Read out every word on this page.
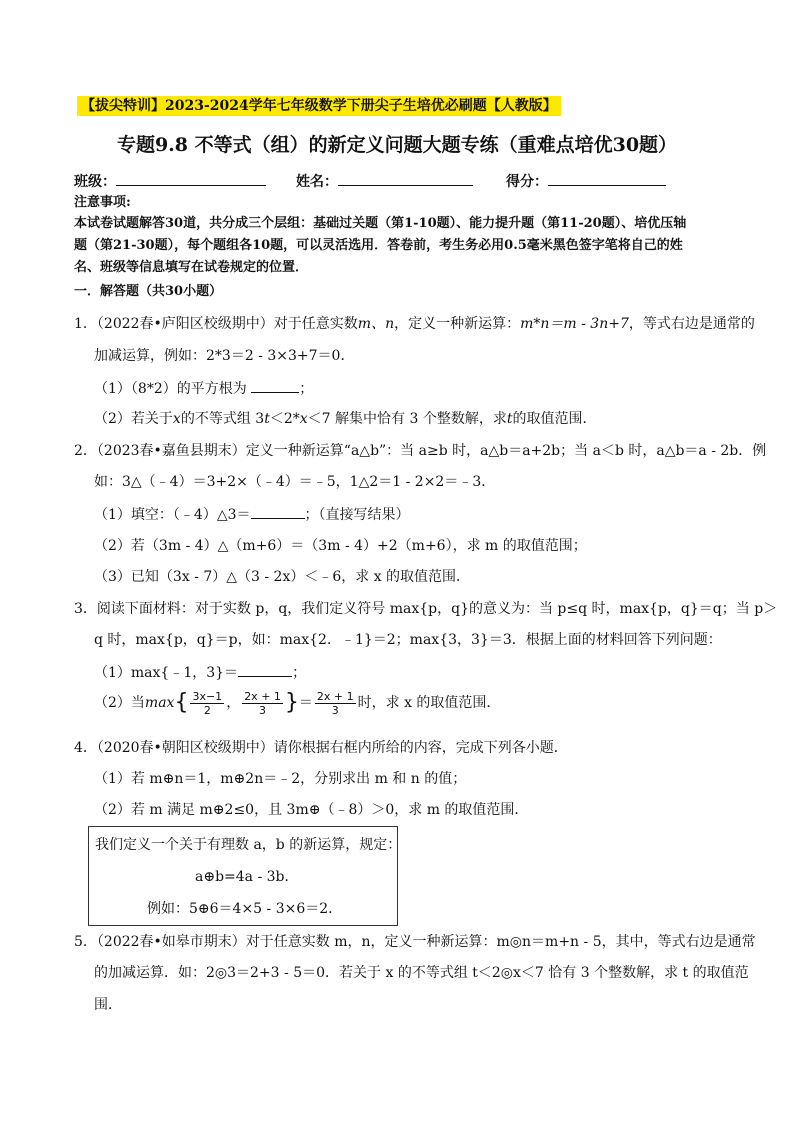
【拔尖特训】2023-2024学年七年级数学下册尖子生培优必刷题【人教版】
专题9.8 不等式（组）的新定义问题大题专练（重难点培优30题）
班级：	姓名：	得分：
注意事项:
本试卷试题解答30道，共分成三个层组：基础过关题（第1-10题）、能力提升题（第11-20题）、培优压轴
题（第21-30题），每个题组各10题，可以灵活选用．答卷前，考生务必用0.5毫米黑色签字笔将自己的姓
名、班级等信息填写在试卷规定的位置．
一．解答题（共30小题）
1．（2022春•庐阳区校级期中）对于任意实数m、n，定义一种新运算：m*n＝m - 3n+7，等式右边是通常的
加减运算，例如：2*3＝2 - 3×3+7＝0．
（1）（8*2）的平方根为	；
（2）若关于x的不等式组 3t＜2*x＜7 解集中恰有 3 个整数解，求t的取值范围．
2．（2023春•嘉鱼县期末）定义一种新运算“a△b”：当 a≥b 时，a△b＝a+2b；当 a＜b 时，a△b＝a - 2b．例
如：3△（﹣4）＝3+2×（﹣4）＝﹣5，1△2＝1 - 2×2＝﹣3．
（1）填空：（﹣4）△3＝	；（直接写结果）
（2）若（3m - 4）△（m+6）＝（3m - 4）+2（m+6），求 m 的取值范围；
（3）已知（3x - 7）△（3 - 2x）＜﹣6，求 x 的取值范围．
3．阅读下面材料：对于实数 p，q，我们定义符号 max{p，q}的意义为：当 p≤q 时，max{p，q}＝q；当 p＞
q 时，max{p，q}＝p，如：max{2．﹣1}＝2；max{3，3}＝3．根据上面的材料回答下列问题：
（1）max{﹣1，3}＝	；
（2）当$\max\{ \frac{3x-1}{2}$ ， $\frac{2x + 1}{3}$ }＝ $\frac{2x + 1}{3}$ 时，求 x 的取值范围．
4．（2020春•朝阳区校级期中）请你根据右框内所给的内容，完成下列各小题．
（1）若 m⊕n＝1，m⊕2n＝﹣2，分别求出 m 和 n 的值；
（2）若 m 满足 m⊕2≤0，且 3m⊕（﹣8）＞0，求 m 的取值范围．
我们定义一个关于有理数 a，b 的新运算，规定：
a⊕b=4a - 3b．
例如：5⊕6＝4×5 - 3×6＝2．
5．（2022春•如皋市期末）对于任意实数 m，n，定义一种新运算：m◎n＝m+n - 5，其中，等式右边是通常
的加减运算．如：2◎3＝2+3 - 5＝0．若关于 x 的不等式组 t＜2◎x＜7 恰有 3 个整数解，求 t 的取值范
围．
